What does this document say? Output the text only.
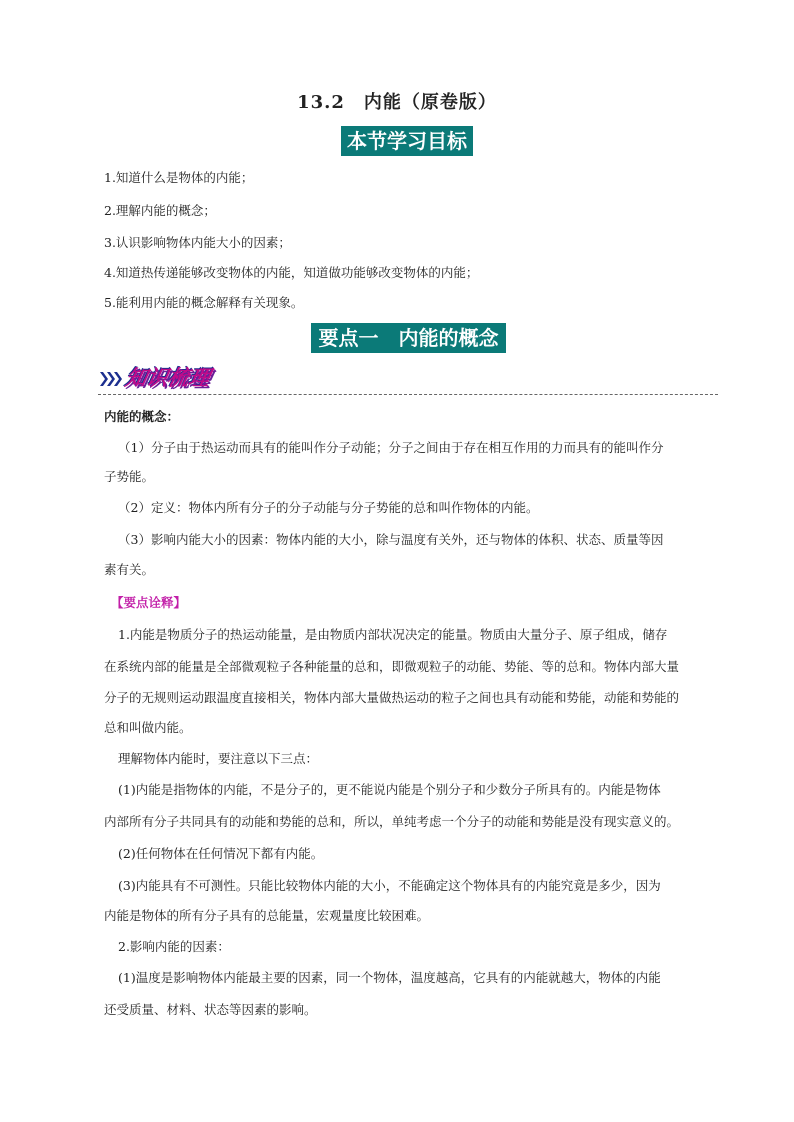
13.2　内能（原卷版）
本节学习目标
1.知道什么是物体的内能；
2.理解内能的概念；
3.认识影响物体内能大小的因素；
4.知道热传递能够改变物体的内能，知道做功能够改变物体的内能；
5.能利用内能的概念解释有关现象。
要点一　内能的概念
知识梳理
内能的概念：
（1）分子由于热运动而具有的能叫作分子动能；分子之间由于存在相互作用的力而具有的能叫作分
子势能。
（2）定义：物体内所有分子的分子动能与分子势能的总和叫作物体的内能。
（3）影响内能大小的因素：物体内能的大小，除与温度有关外，还与物体的体积、状态、质量等因
素有关。
【要点诠释】
1.内能是物质分子的热运动能量，是由物质内部状况决定的能量。物质由大量分子、原子组成，储存
在系统内部的能量是全部微观粒子各种能量的总和，即微观粒子的动能、势能、等的总和。物体内部大量
分子的无规则运动跟温度直接相关，物体内部大量做热运动的粒子之间也具有动能和势能，动能和势能的
总和叫做内能。
理解物体内能时，要注意以下三点：
(1)内能是指物体的内能，不是分子的，更不能说内能是个别分子和少数分子所具有的。内能是物体
内部所有分子共同具有的动能和势能的总和，所以，单纯考虑一个分子的动能和势能是没有现实意义的。
(2)任何物体在任何情况下都有内能。
(3)内能具有不可测性。只能比较物体内能的大小，不能确定这个物体具有的内能究竟是多少，因为
内能是物体的所有分子具有的总能量，宏观量度比较困难。
2.影响内能的因素：
(1)温度是影响物体内能最主要的因素，同一个物体，温度越高，它具有的内能就越大，物体的内能
还受质量、材料、状态等因素的影响。
